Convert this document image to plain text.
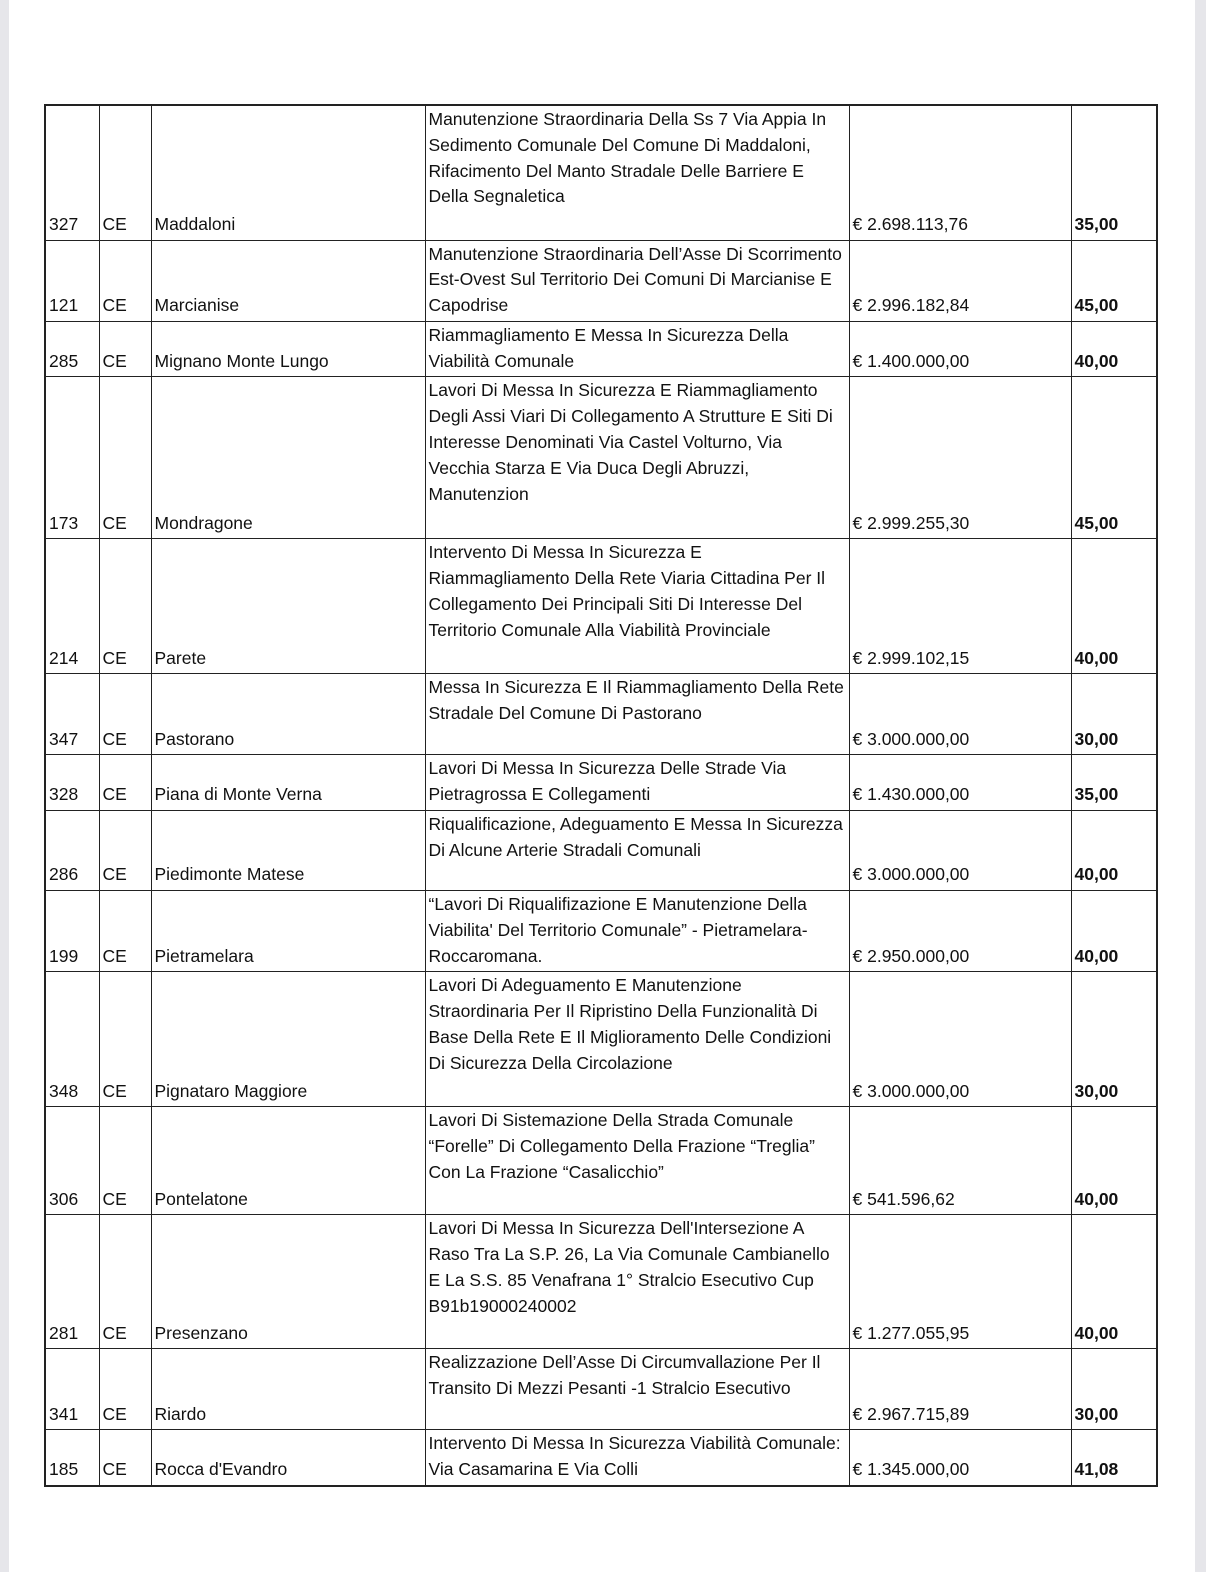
327	CE	Maddaloni	Manutenzione Straordinaria Della Ss 7 Via Appia In Sedimento Comunale Del Comune Di Maddaloni, Rifacimento Del Manto Stradale Delle Barriere E Della Segnaletica	€ 2.698.113,76	35,00
121	CE	Marcianise	Manutenzione Straordinaria Dell’Asse Di Scorrimento Est-Ovest Sul Territorio Dei Comuni Di Marcianise E Capodrise	€ 2.996.182,84	45,00
285	CE	Mignano Monte Lungo	Riammagliamento E Messa In Sicurezza Della Viabilità Comunale	€ 1.400.000,00	40,00
173	CE	Mondragone	Lavori Di Messa In Sicurezza E Riammagliamento Degli Assi Viari Di Collegamento A Strutture E Siti Di Interesse Denominati Via Castel Volturno, Via Vecchia Starza E Via Duca Degli Abruzzi, Manutenzion	€ 2.999.255,30	45,00
214	CE	Parete	Intervento Di Messa In Sicurezza E Riammagliamento Della Rete Viaria Cittadina Per Il Collegamento Dei Principali Siti Di Interesse Del Territorio Comunale Alla Viabilità Provinciale	€ 2.999.102,15	40,00
347	CE	Pastorano	Messa In Sicurezza E Il Riammagliamento Della Rete Stradale Del Comune Di Pastorano	€ 3.000.000,00	30,00
328	CE	Piana di Monte Verna	Lavori Di Messa In Sicurezza Delle Strade Via Pietragrossa E Collegamenti	€ 1.430.000,00	35,00
286	CE	Piedimonte Matese	Riqualificazione, Adeguamento E Messa In Sicurezza Di Alcune Arterie Stradali Comunali	€ 3.000.000,00	40,00
199	CE	Pietramelara	“Lavori Di Riqualifizazione E Manutenzione Della Viabilita' Del Territorio Comunale” - Pietramelara-Roccaromana.	€ 2.950.000,00	40,00
348	CE	Pignataro Maggiore	Lavori Di Adeguamento E Manutenzione Straordinaria Per Il Ripristino Della Funzionalità Di Base Della Rete E Il Miglioramento Delle Condizioni Di Sicurezza Della Circolazione	€ 3.000.000,00	30,00
306	CE	Pontelatone	Lavori Di Sistemazione Della Strada Comunale “Forelle” Di Collegamento Della Frazione “Treglia” Con La Frazione “Casalicchio”	€ 541.596,62	40,00
281	CE	Presenzano	Lavori Di Messa In Sicurezza Dell'Intersezione A Raso Tra La S.P. 26, La Via Comunale Cambianello E La S.S. 85 Venafrana 1° Stralcio Esecutivo Cup B91b19000240002	€ 1.277.055,95	40,00
341	CE	Riardo	Realizzazione Dell’Asse Di Circumvallazione Per Il Transito Di Mezzi Pesanti -1 Stralcio Esecutivo	€ 2.967.715,89	30,00
185	CE	Rocca d'Evandro	Intervento Di Messa In Sicurezza Viabilità Comunale: Via Casamarina E Via Colli	€ 1.345.000,00	41,08
